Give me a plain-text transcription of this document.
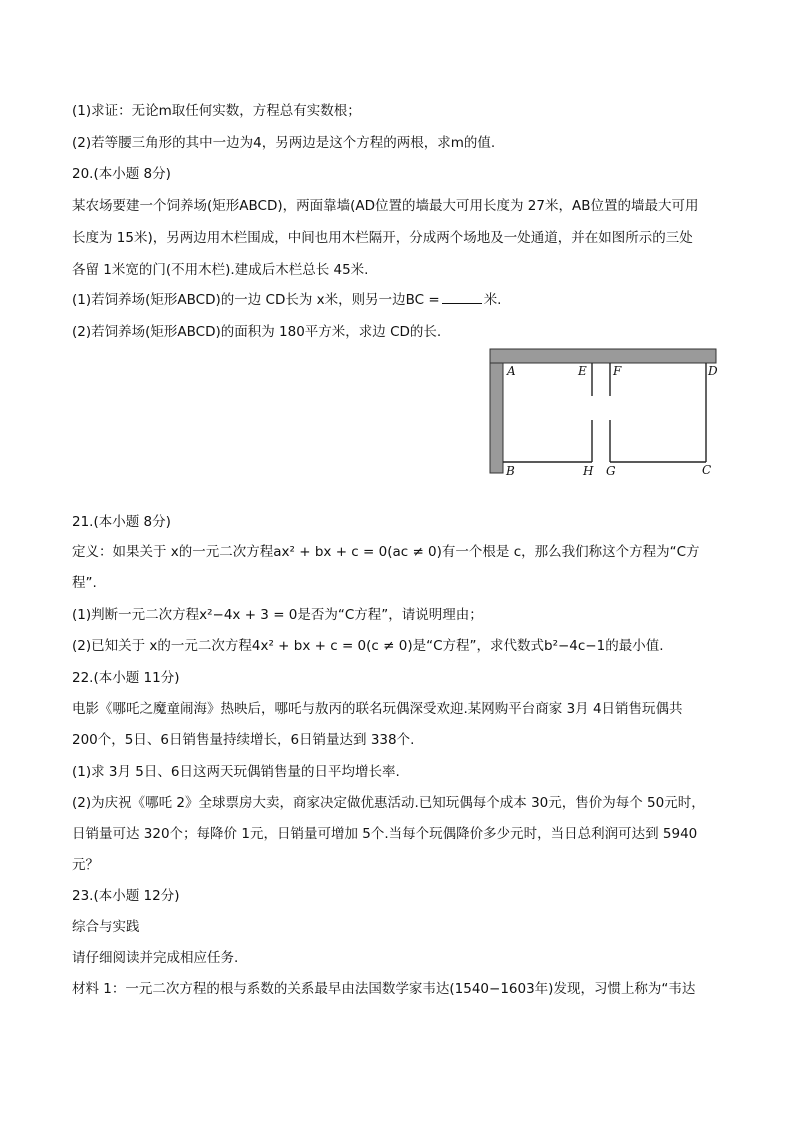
(1)求证：无论m取任何实数，方程总有实数根；
(2)若等腰三角形的其中一边为4，另两边是这个方程的两根，求m的值.
20.(本小题 8分)
某农场要建一个饲养场(矩形ABCD)，两面靠墙(AD位置的墙最大可用长度为 27米，AB位置的墙最大可用
长度为 15米)，另两边用木栏围成，中间也用木栏隔开，分成两个场地及一处通道，并在如图所示的三处
各留 1米宽的门(不用木栏).建成后木栏总长 45米.
(1)若饲养场(矩形ABCD)的一边 CD长为 x米，则另一边BC =	米.
(2)若饲养场(矩形ABCD)的面积为 180平方米，求边 CD的长.
A	E F	D
B	H G	C
21.(本小题 8分)
定义：如果关于 x的一元二次方程ax² + bx + c = 0(ac ≠ 0)有一个根是 c，那么我们称这个方程为“C方
程”.
(1)判断一元二次方程x²−4x + 3 = 0是否为“C方程”，请说明理由；
(2)已知关于 x的一元二次方程4x² + bx + c = 0(c ≠ 0)是“C方程”，求代数式b²−4c−1的最小值.
22.(本小题 11分)
电影《哪吒之魔童闹海》热映后，哪吒与敖丙的联名玩偶深受欢迎.某网购平台商家 3月 4日销售玩偶共
200个，5日、6日销售量持续增长，6日销量达到 338个.
(1)求 3月 5日、6日这两天玩偶销售量的日平均增长率.
(2)为庆祝《哪吒 2》全球票房大卖，商家决定做优惠活动.已知玩偶每个成本 30元，售价为每个 50元时，
日销量可达 320个；每降价 1元，日销量可增加 5个.当每个玩偶降价多少元时，当日总利润可达到 5940
元？
23.(本小题 12分)
综合与实践
请仔细阅读并完成相应任务.
材料 1：一元二次方程的根与系数的关系最早由法国数学家韦达(1540−1603年)发现，习惯上称为“韦达
